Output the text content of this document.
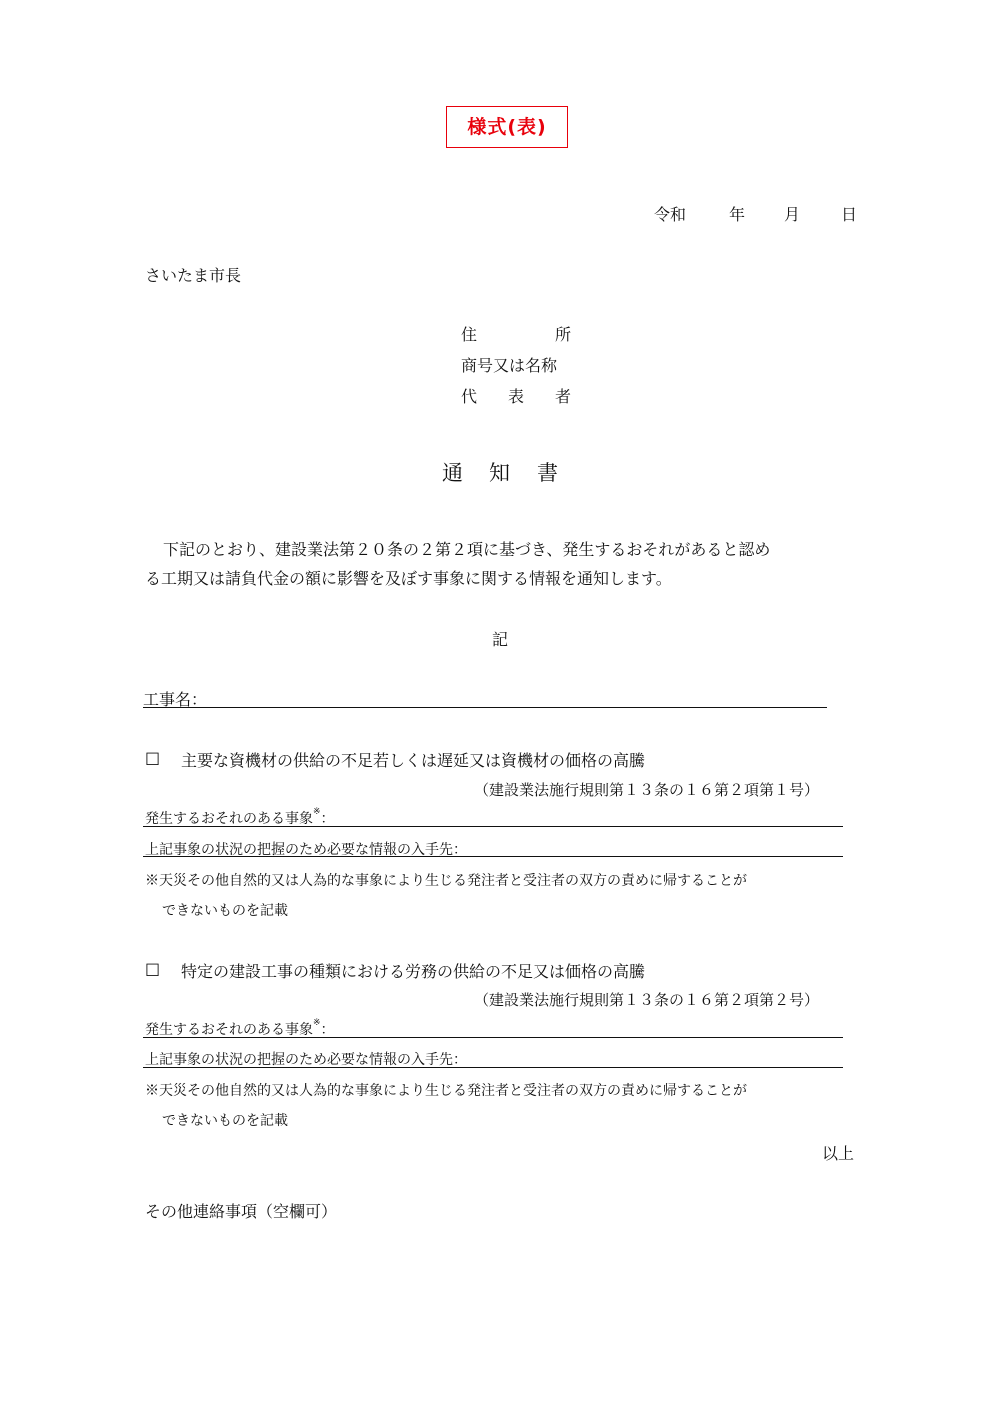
様式(表)
令和	年 月	日
さいたま市長
住	所
商号又は名称
代 表 者
通 知 書
下記のとおり、建設業法第２０条の２第２項に基づき、発生するおそれがあると認め
る工期又は請負代金の額に影響を及ぼす事象に関する情報を通知します。
記
工事名：
□ 主要な資機材の供給の不足若しくは遅延又は資機材の価格の高騰
（建設業法施行規則第１３条の１６第２項第１号）
発生するおそれのある事象※：
上記事象の状況の把握のため必要な情報の入手先：
※天災その他自然的又は人為的な事象により生じる発注者と受注者の双方の責めに帰することが
できないものを記載
□ 特定の建設工事の種類における労務の供給の不足又は価格の高騰
（建設業法施行規則第１３条の１６第２項第２号）
発生するおそれのある事象※：
上記事象の状況の把握のため必要な情報の入手先：
※天災その他自然的又は人為的な事象により生じる発注者と受注者の双方の責めに帰することが
できないものを記載
以上
その他連絡事項（空欄可）
